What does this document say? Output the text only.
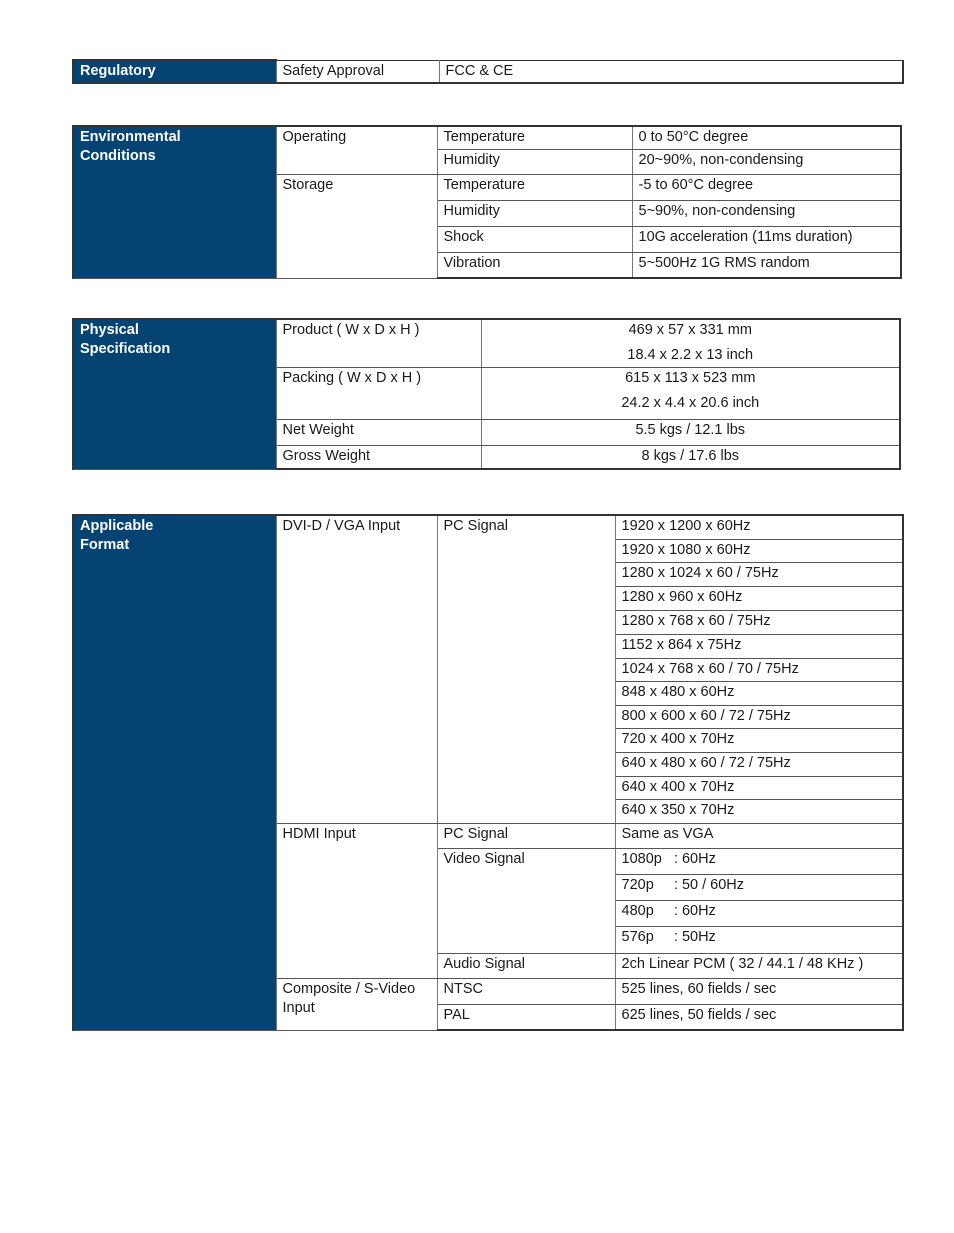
Regulatory	Safety Approval	FCC & CE
Environmental
Conditions	Operating	Temperature	0 to 50°C degree
		Humidity	20~90%, non-condensing
	Storage	Temperature	-5 to 60°C degree
		Humidity	5~90%, non-condensing
		Shock	10G acceleration (11ms duration)
		Vibration	5~500Hz 1G RMS random
Physical
Specification	Product ( W x D x H )	469 x 57 x 331 mm
18.4 x 2.2 x 13 inch

	Packing ( W x D x H )	615 x 113 x 523 mm
24.2 x 4.4 x 20.6 inch

	Net Weight	5.5 kgs / 12.1 lbs
	Gross Weight	8 kgs / 17.6 lbs
Applicable
Format	DVI-D / VGA Input	PC Signal	1920 x 1200 x 60Hz
			1920 x 1080 x 60Hz
			1280 x 1024 x 60 / 75Hz
			1280 x 960 x 60Hz
			1280 x 768 x 60 / 75Hz
			1152 x 864 x 75Hz
			1024 x 768 x 60 / 70 / 75Hz
			848 x 480 x 60Hz
			800 x 600 x 60 / 72 / 75Hz
			720 x 400 x 70Hz
			640 x 480 x 60 / 72 / 75Hz
			640 x 400 x 70Hz
			640 x 350 x 70Hz
	HDMI Input	PC Signal	Same as VGA
		Video Signal	1080p   : 60Hz
			720p     : 50 / 60Hz
			480p     : 60Hz
			576p     : 50Hz
		Audio Signal	2ch Linear PCM ( 32 / 44.1 / 48 KHz )

	Composite / S-Video
Input	NTSC	525 lines, 60 fields / sec
		PAL	625 lines, 50 fields / sec
